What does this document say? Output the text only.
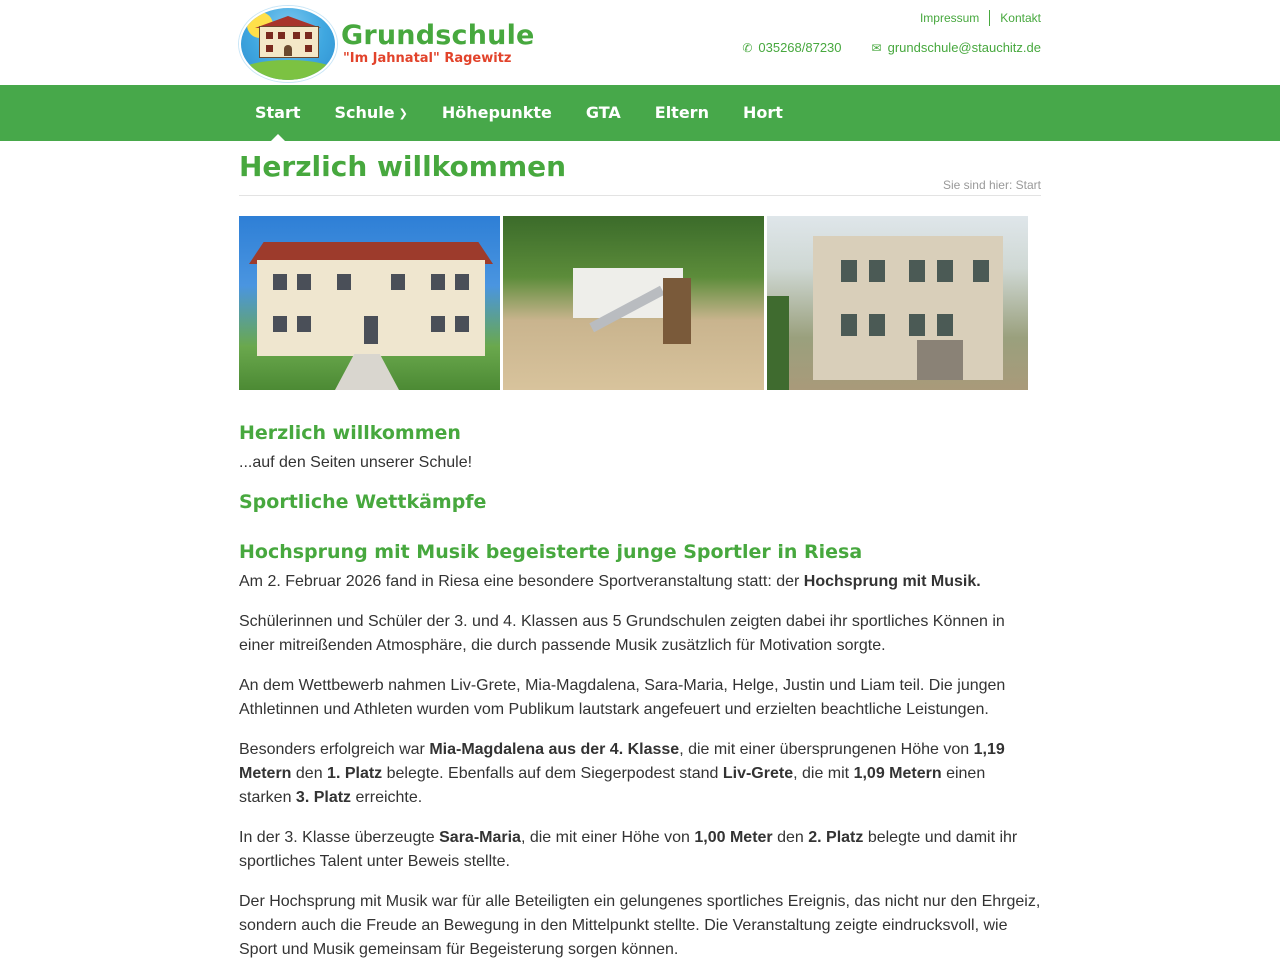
Grundschule
"Im Jahnatal" Ragewitz
Impressum	Kontakt
✆ 035268/87230	✉ grundschule@stauchitz.de
Start	Schule ❯	Höhepunkte	GTA	Eltern	Hort
Herzlich willkommen
Sie sind hier: Start
Herzlich willkommen

...auf den Seiten unserer Schule!

Sportliche Wettkämpfe
Hochsprung mit Musik begeisterte junge Sportler in Riesa

Am 2. Februar 2026 fand in Riesa eine besondere Sportveranstaltung statt: der Hochsprung mit Musik.

Schülerinnen und Schüler der 3. und 4. Klassen aus 5 Grundschulen zeigten dabei ihr sportliches Können in einer mitreißenden Atmosphäre, die durch passende Musik zusätzlich für Motivation sorgte.

An dem Wettbewerb nahmen Liv-Grete, Mia-Magdalena, Sara-Maria, Helge, Justin und Liam teil. Die jungen Athletinnen und Athleten wurden vom Publikum lautstark angefeuert und erzielten beachtliche Leistungen.

Besonders erfolgreich war Mia-Magdalena aus der 4. Klasse, die mit einer übersprungenen Höhe von 1,19 Metern den 1. Platz belegte. Ebenfalls auf dem Siegerpodest stand Liv-Grete, die mit 1,09 Metern einen starken 3. Platz erreichte.

In der 3. Klasse überzeugte Sara-Maria, die mit einer Höhe von 1,00 Meter den 2. Platz belegte und damit ihr sportliches Talent unter Beweis stellte.

Der Hochsprung mit Musik war für alle Beteiligten ein gelungenes sportliches Ereignis, das nicht nur den Ehrgeiz, sondern auch die Freude an Bewegung in den Mittelpunkt stellte. Die Veranstaltung zeigte eindrucksvoll, wie Sport und Musik gemeinsam für Begeisterung sorgen können.
